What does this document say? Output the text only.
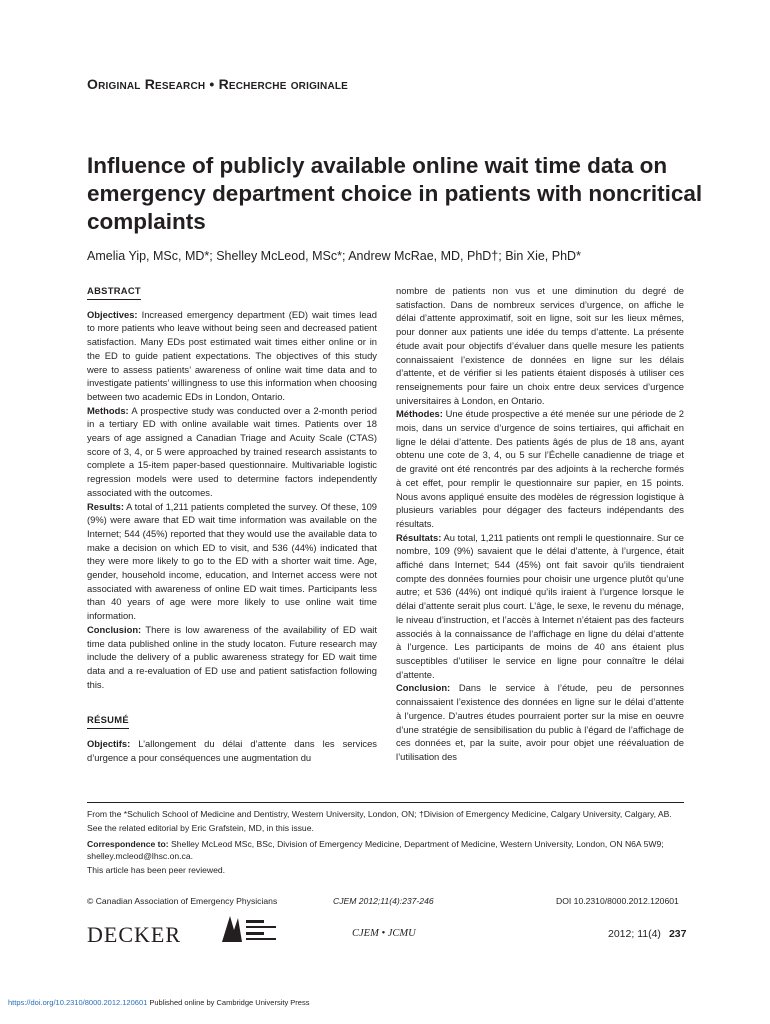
Original Research • Recherche originale
Influence of publicly available online wait time data on emergency department choice in patients with noncritical complaints
Amelia Yip, MSc, MD*; Shelley McLeod, MSc*; Andrew McRae, MD, PhD†; Bin Xie, PhD*
ABSTRACT

Objectives: Increased emergency department (ED) wait times lead to more patients who leave without being seen and decreased patient satisfaction. Many EDs post estimated wait times either online or in the ED to guide patient expectations. The objectives of this study were to assess patients’ awareness of online wait time data and to investigate patients’ willingness to use this information when choosing between two academic EDs in London, Ontario.

Methods: A prospective study was conducted over a 2-month period in a tertiary ED with online available wait times. Patients over 18 years of age assigned a Canadian Triage and Acuity Scale (CTAS) score of 3, 4, or 5 were approached by trained research assistants to complete a 15-item paper-based questionnaire. Multivariable logistic regression models were used to determine factors independently associated with the outcomes.

Results: A total of 1,211 patients completed the survey. Of these, 109 (9%) were aware that ED wait time information was available on the Internet; 544 (45%) reported that they would use the available data to make a decision on which ED to visit, and 536 (44%) indicated that they were more likely to go to the ED with a shorter wait time. Age, gender, household income, education, and Internet access were not associated with awareness of online ED wait times. Participants less than 40 years of age were more likely to use online wait time information.

Conclusion: There is low awareness of the availability of ED wait time data published online in the study locaton. Future research may include the delivery of a public awareness strategy for ED wait time data and a re-evaluation of ED use and patient satisfaction following this.

RÉSUMÉ

Objectifs: L’allongement du délai d’attente dans les services d’urgence a pour conséquences une augmentation du

nombre de patients non vus et une diminution du degré de satisfaction. Dans de nombreux services d’urgence, on affiche le délai d’attente approximatif, soit en ligne, soit sur les lieux mêmes, pour donner aux patients une idée du temps d’attente. La présente étude avait pour objectifs d’évaluer dans quelle mesure les patients connaissaient l’existence de données en ligne sur les délais d’attente, et de vérifier si les patients étaient disposés à utiliser ces renseignements pour faire un choix entre deux services d’urgence universitaires à London, en Ontario.

Méthodes: Une étude prospective a été menée sur une période de 2 mois, dans un service d’urgence de soins tertiaires, qui affichait en ligne le délai d’attente. Des patients âgés de plus de 18 ans, ayant obtenu une cote de 3, 4, ou 5 sur l’Échelle canadienne de triage et de gravité ont été rencontrés par des adjoints à la recherche formés à cet effet, pour remplir le questionnaire sur papier, en 15 points. Nous avons appliqué ensuite des modèles de régression logistique à plusieurs variables pour dégager des facteurs indépendants des résultats.

Résultats: Au total, 1,211 patients ont rempli le questionnaire. Sur ce nombre, 109 (9%) savaient que le délai d’attente, à l’urgence, était affiché dans Internet; 544 (45%) ont fait savoir qu’ils tiendraient compte des données fournies pour choisir une urgence plutôt qu’une autre; et 536 (44%) ont indiqué qu’ils iraient à l’urgence lorsque le délai d’attente serait plus court. L’âge, le sexe, le revenu du ménage, le niveau d’instruction, et l’accès à Internet n’étaient pas des facteurs associés à la connaissance de l’affichage en ligne du délai d’attente à l’urgence. Les participants de moins de 40 ans étaient plus susceptibles d’utiliser le service en ligne pour connaître le délai d’attente.

Conclusion: Dans le service à l’étude, peu de personnes connaissaient l’existence des données en ligne sur le délai d’attente à l’urgence. D’autres études pourraient porter sur la mise en oeuvre d’une stratégie de sensibilisation du public à l’égard de l’affichage de ces données et, par la suite, avoir pour objet une réévaluation de l’utilisation des

From the *Schulich School of Medicine and Dentistry, Western University, London, ON; †Division of Emergency Medicine, Calgary University, Calgary, AB.

See the related editorial by Eric Grafstein, MD, in this issue.

Correspondence to: Shelley McLeod MSc, BSc, Division of Emergency Medicine, Department of Medicine, Western University, London, ON N6A 5W9; shelley.mcleod@lhsc.on.ca.

This article has been peer reviewed.

© Canadian Association of Emergency Physicians	CJEM 2012;11(4):237-246	DOI 10.2310/8000.2012.120601
DECKER	CJEM • JCMU	2012; 11(4) 237
https://doi.org/10.2310/8000.2012.120601 Published online by Cambridge University Press
